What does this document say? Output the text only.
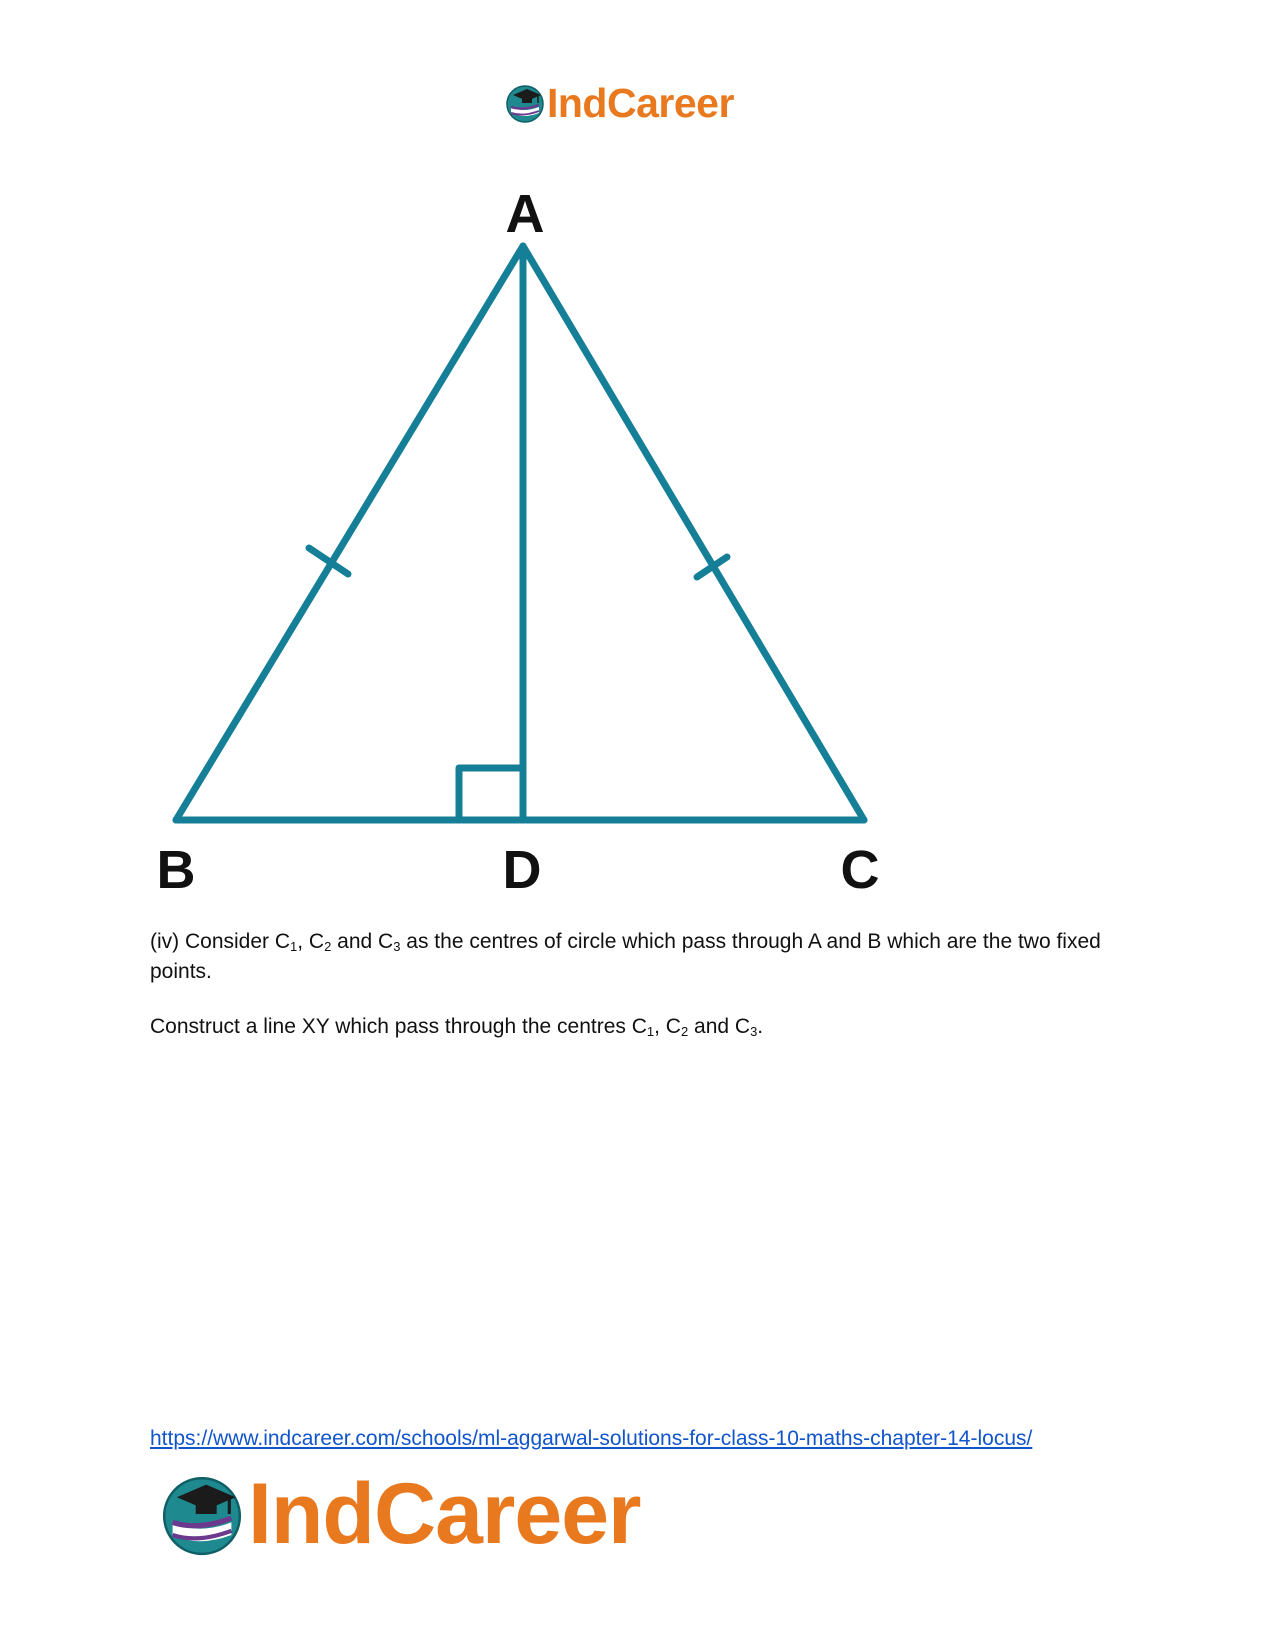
IndCareer
A
B	D	C
(iv) Consider $C_1$, $C_2$ and $C_3$ as the centres of circle which pass through A and B which are the two fixed points.
Construct a line XY which pass through the centres $C_1$, $C_2$ and $C_3$.
https://www.indcareer.com/schools/ml-aggarwal-solutions-for-class-10-maths-chapter-14-locus/
IndCareer
